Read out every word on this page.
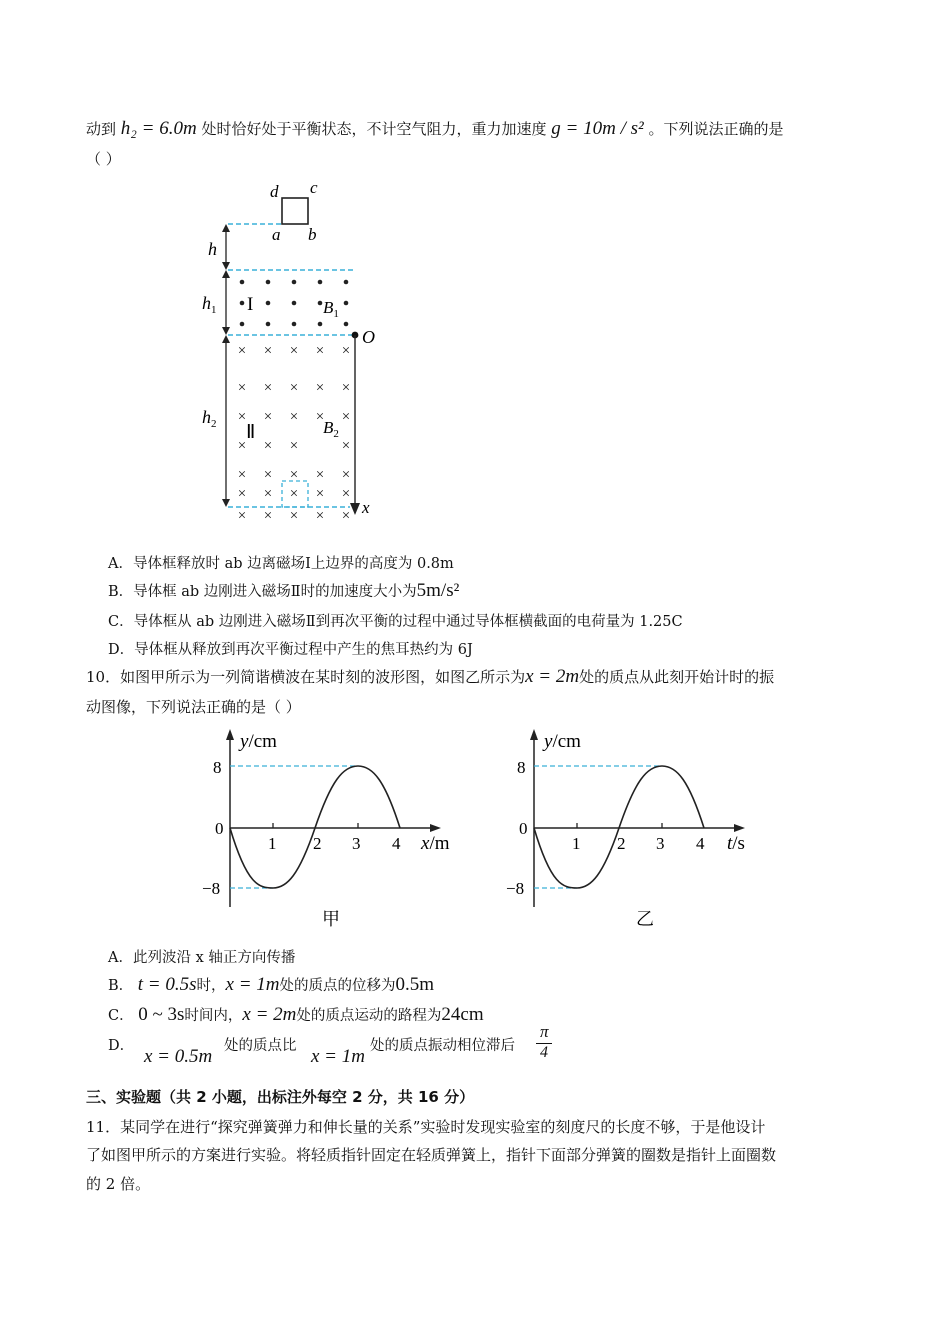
动到 h₂ = 6.0m 处时恰好处于平衡状态，不计空气阻力，重力加速度 g = 10m / s² 。下列说法正确的是
（ ）
d c
a b
h
$h_1$
$h_2$
I	$B_1$
O
x
× × × × ×
× × × × ×
× × × × ×
× × ×	×
× × × × ×
× × × × ×
× × × × ×
Ⅱ	$B_2$
A．导体框释放时 ab 边离磁场Ⅰ上边界的高度为 0.8m
B．导体框 ab 边刚进入磁场Ⅱ时的加速度大小为5m/s²
C．导体框从 ab 边刚进入磁场Ⅱ到再次平衡的过程中通过导体框横截面的电荷量为 1.25C
D．导体框从释放到再次平衡过程中产生的焦耳热约为 6J
10．如图甲所示为一列简谐横波在某时刻的波形图，如图乙所示为x = 2m处的质点从此刻开始计时的振
动图像，下列说法正确的是（ ）
y/cm
8
0
−8
1 2 3 4 x/m
甲
y/cm
8
0
−8
1 2 3 4 t/s
乙
A．此列波沿 x 轴正方向传播
B． t = 0.5s时，x = 1m处的质点的位移为0.5m
C． 0 ~ 3s时间内，x = 2m处的质点运动的路程为24cm
D． x = 0.5m 处的质点比 x = 1m 处的质点振动相位滞后
π
4
三、实验题（共 2 小题，出标注外每空 2 分，共 16 分）
11．某同学在进行“探究弹簧弹力和伸长量的关系”实验时发现实验室的刻度尺的长度不够，于是他设计
了如图甲所示的方案进行实验。将轻质指针固定在轻质弹簧上，指针下面部分弹簧的圈数是指针上面圈数
的 2 倍。
